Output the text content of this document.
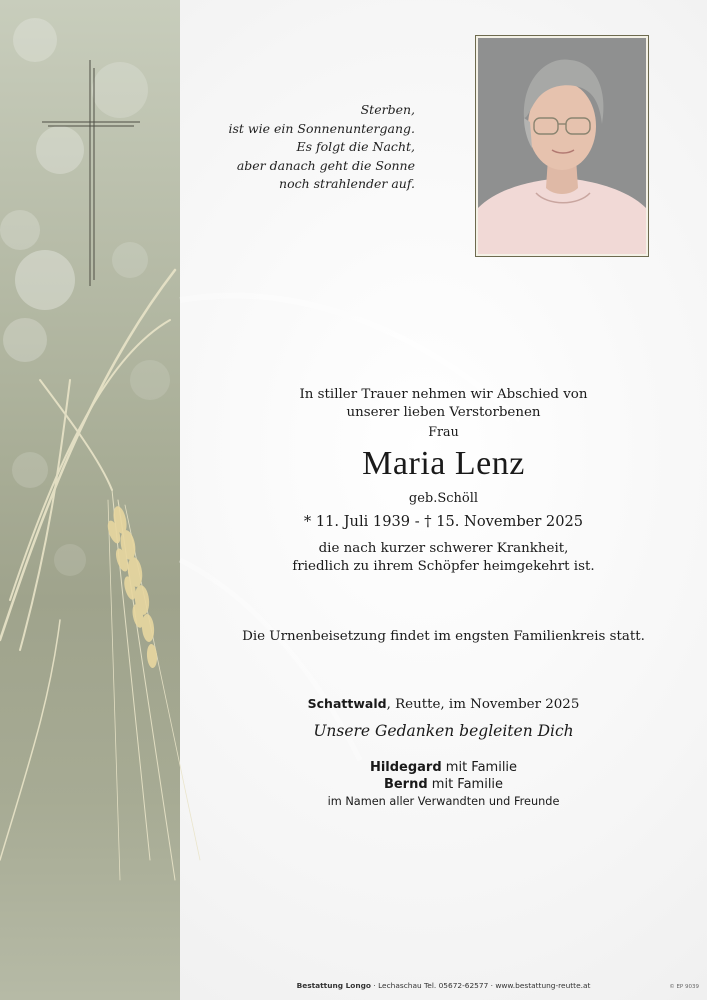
Sterben,
ist wie ein Sonnenuntergang.
Es folgt die Nacht,
aber danach geht die Sonne
noch strahlender auf.
In stiller Trauer nehmen wir Abschied von
unserer lieben Verstorbenen
Frau
Maria Lenz
geb.Schöll
* 11. Juli 1939 - † 15. November 2025
die nach kurzer schwerer Krankheit,
friedlich zu ihrem Schöpfer heimgekehrt ist.
Die Urnenbeisetzung findet im engsten Familienkreis statt.
Schattwald, Reutte, im November 2025
Unsere Gedanken begleiten Dich
Hildegard mit Familie
Bernd mit Familie
im Namen aller Verwandten und Freunde
Bestattung Longo · Lechaschau Tel. 05672-62577 · www.bestattung-reutte.at	© EP 9039
